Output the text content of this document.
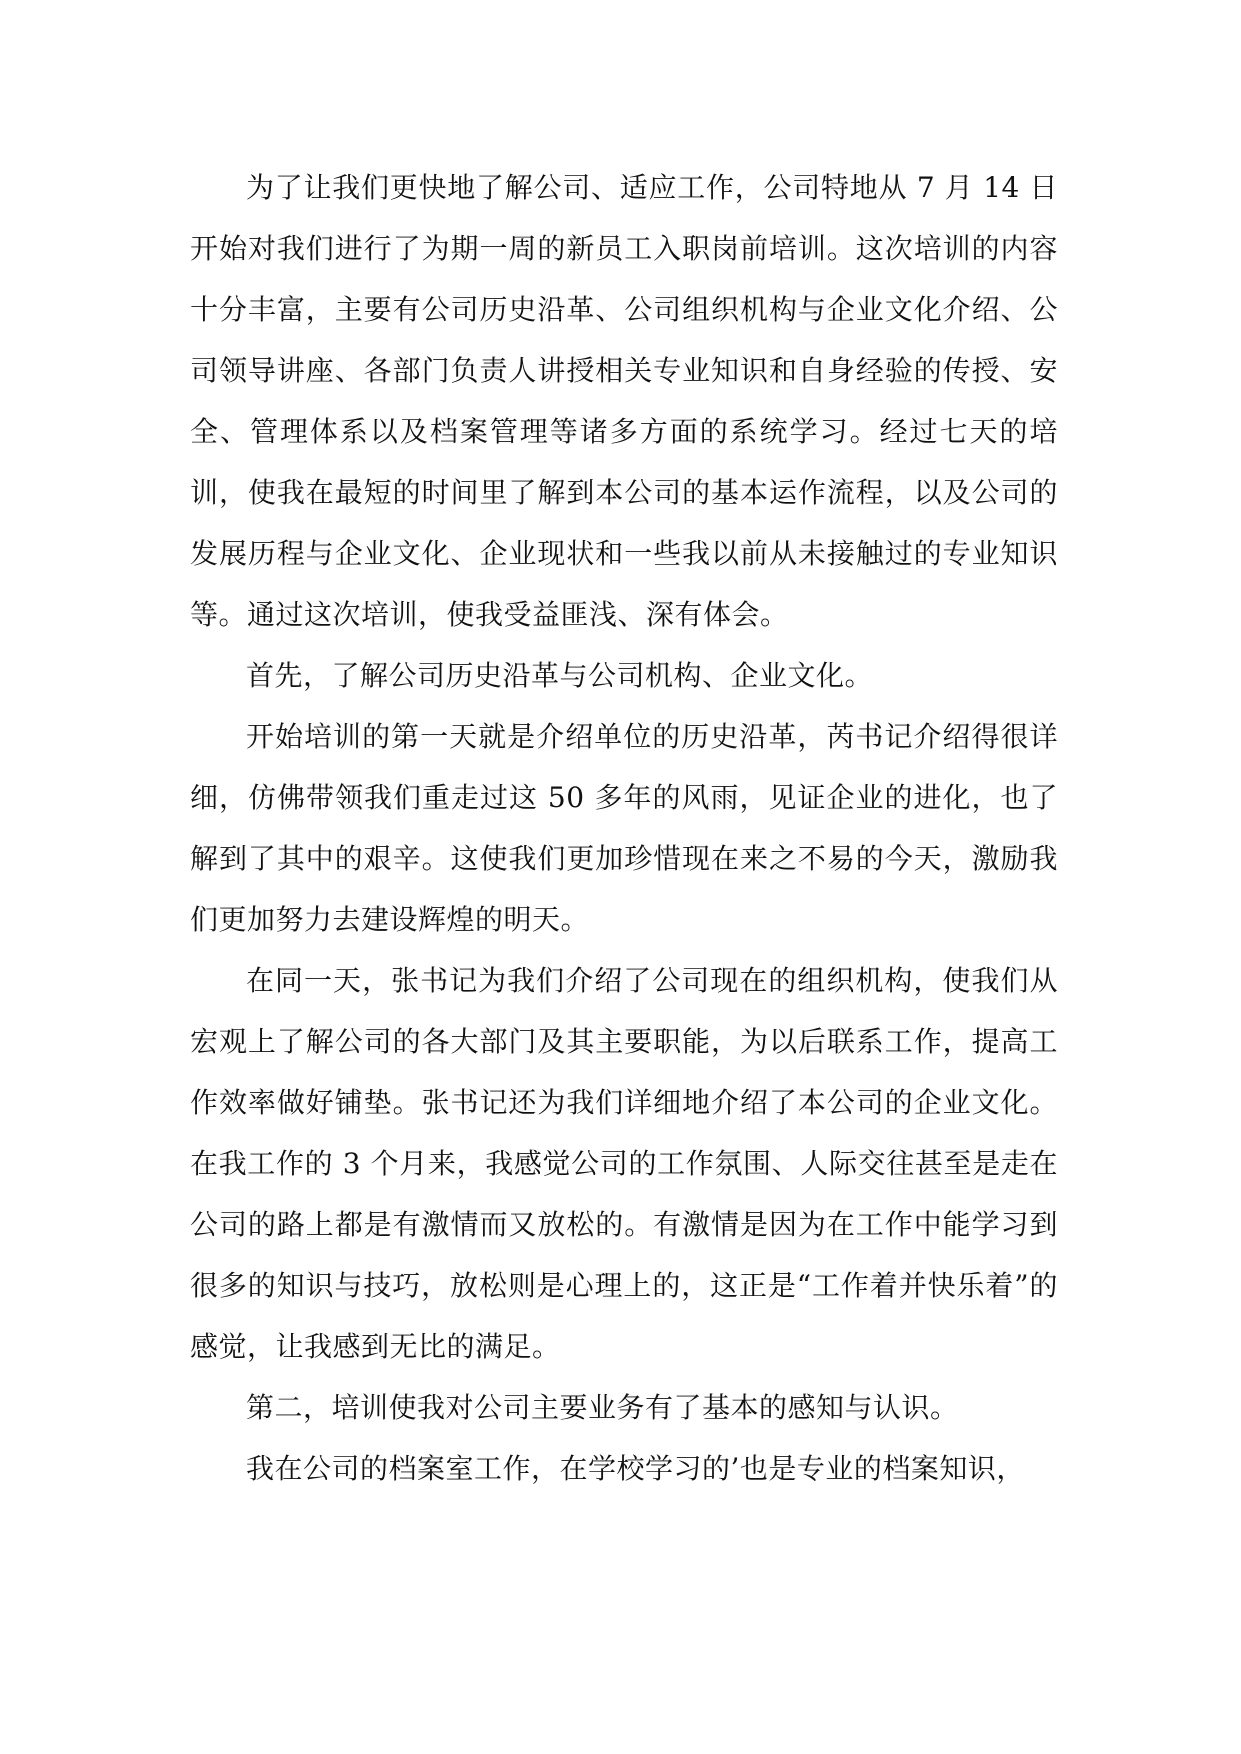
为了让我们更快地了解公司、适应工作，公司特地从 7 月 14 日开始对我们进行了为期一周的新员工入职岗前培训。这次培训的内容十分丰富，主要有公司历史沿革、公司组织机构与企业文化介绍、公司领导讲座、各部门负责人讲授相关专业知识和自身经验的传授、安全、管理体系以及档案管理等诸多方面的系统学习。经过七天的培训，使我在最短的时间里了解到本公司的基本运作流程，以及公司的发展历程与企业文化、企业现状和一些我以前从未接触过的专业知识等。通过这次培训，使我受益匪浅、深有体会。

首先，了解公司历史沿革与公司机构、企业文化。

开始培训的第一天就是介绍单位的历史沿革，芮书记介绍得很详细，仿佛带领我们重走过这 50 多年的风雨，见证企业的进化，也了解到了其中的艰辛。这使我们更加珍惜现在来之不易的今天，激励我们更加努力去建设辉煌的明天。

在同一天，张书记为我们介绍了公司现在的组织机构，使我们从宏观上了解公司的各大部门及其主要职能，为以后联系工作，提高工作效率做好铺垫。张书记还为我们详细地介绍了本公司的企业文化。在我工作的 3 个月来，我感觉公司的工作氛围、人际交往甚至是走在公司的路上都是有激情而又放松的。有激情是因为在工作中能学习到很多的知识与技巧，放松则是心理上的，这正是“工作着并快乐着”的感觉，让我感到无比的满足。

第二，培训使我对公司主要业务有了基本的感知与认识。

我在公司的档案室工作，在学校学习的’也是专业的档案知识，
